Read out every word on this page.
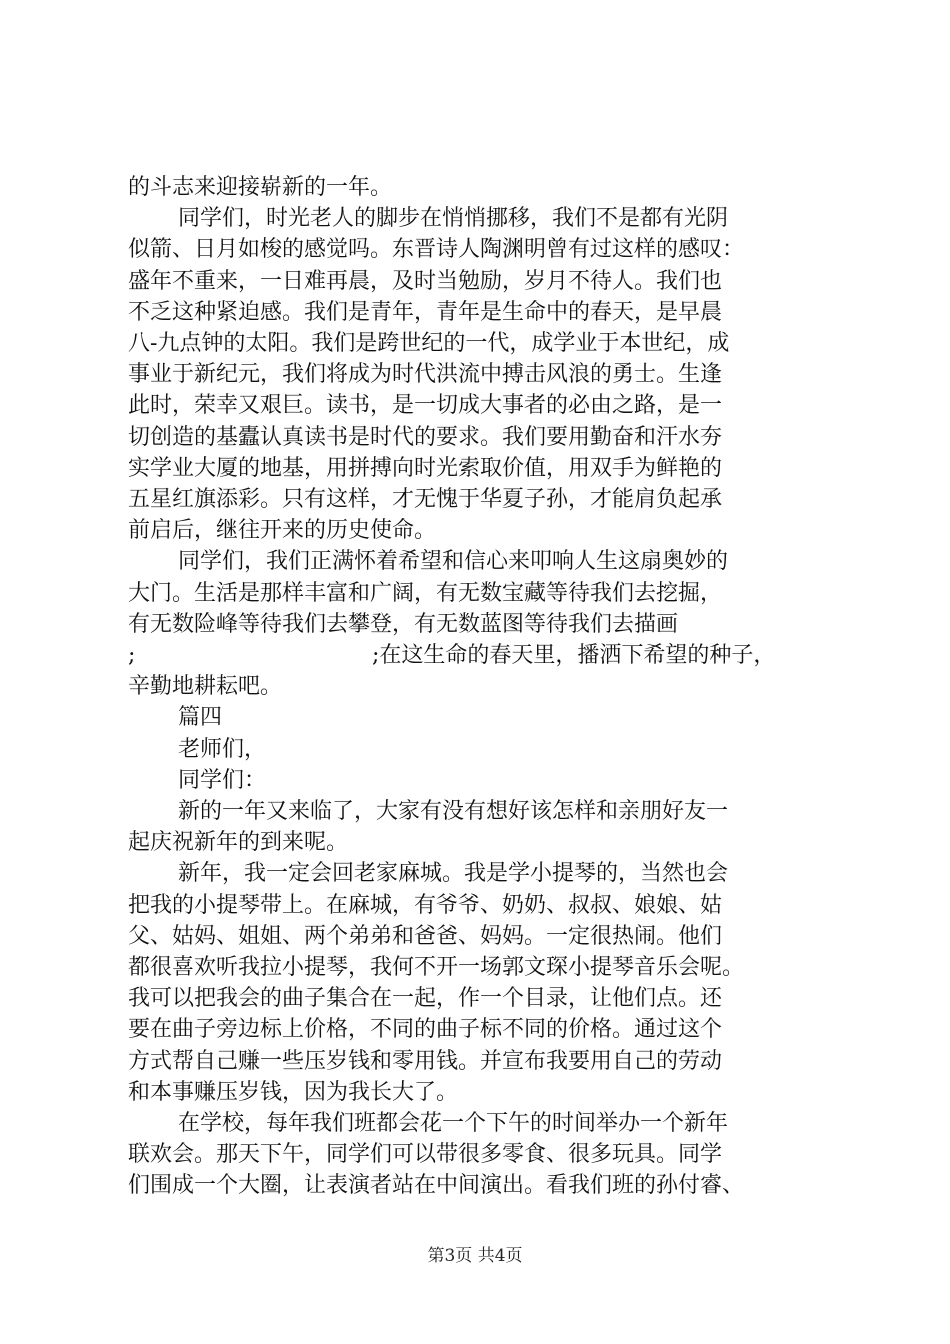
的斗志来迎接崭新的一年。
同学们，时光老人的脚步在悄悄挪移，我们不是都有光阴
似箭、日月如梭的感觉吗。东晋诗人陶渊明曾有过这样的感叹：
盛年不重来，一日难再晨，及时当勉励，岁月不待人。我们也
不乏这种紧迫感。我们是青年，青年是生命中的春天，是早晨
八-九点钟的太阳。我们是跨世纪的一代，成学业于本世纪，成
事业于新纪元，我们将成为时代洪流中搏击风浪的勇士。生逢
此时，荣幸又艰巨。读书，是一切成大事者的必由之路，是一
切创造的基蠹认真读书是时代的要求。我们要用勤奋和汗水夯
实学业大厦的地基，用拼搏向时光索取价值，用双手为鲜艳的
五星红旗添彩。只有这样，才无愧于华夏子孙，才能肩负起承
前启后，继往开来的历史使命。
同学们，我们正满怀着希望和信心来叩响人生这扇奥妙的
大门。生活是那样丰富和广阔，有无数宝藏等待我们去挖掘，
有无数险峰等待我们去攀登，有无数蓝图等待我们去描画
;	;在这生命的春天里，播洒下希望的种子，
辛勤地耕耘吧。
篇四
老师们，
同学们：
新的一年又来临了，大家有没有想好该怎样和亲朋好友一
起庆祝新年的到来呢。
新年，我一定会回老家麻城。我是学小提琴的，当然也会
把我的小提琴带上。在麻城，有爷爷、奶奶、叔叔、娘娘、姑
父、姑妈、姐姐、两个弟弟和爸爸、妈妈。一定很热闹。他们
都很喜欢听我拉小提琴，我何不开一场郭文琛小提琴音乐会呢。
我可以把我会的曲子集合在一起，作一个目录，让他们点。还
要在曲子旁边标上价格，不同的曲子标不同的价格。通过这个
方式帮自己赚一些压岁钱和零用钱。并宣布我要用自己的劳动
和本事赚压岁钱，因为我长大了。
在学校，每年我们班都会花一个下午的时间举办一个新年
联欢会。那天下午，同学们可以带很多零食、很多玩具。同学
们围成一个大圈，让表演者站在中间演出。看我们班的孙付睿、
第3页 共4页
